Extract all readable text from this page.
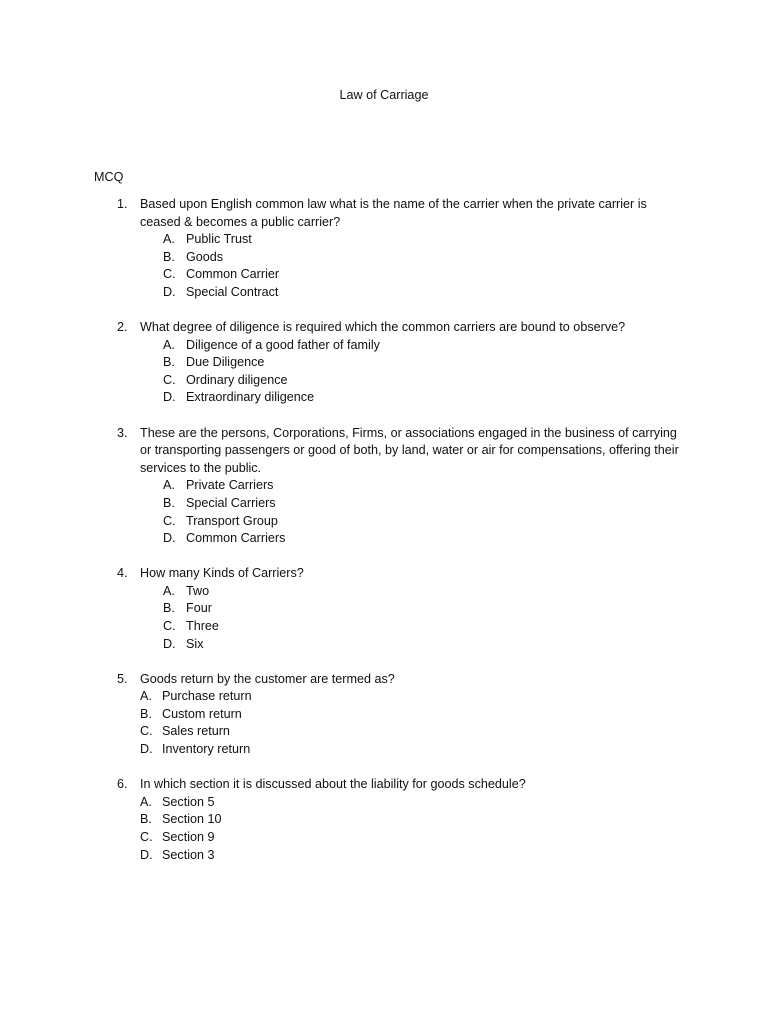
Law of Carriage

MCQ

1. Based upon English common law what is the name of the carrier when the private carrier is ceased & becomes a public carrier?
A. Public Trust
B. Goods
C. Common Carrier
D. Special Contract
2. What degree of diligence is required which the common carriers are bound to observe?
A. Diligence of a good father of family
B. Due Diligence
C. Ordinary diligence
D. Extraordinary diligence
3. These are the persons, Corporations, Firms, or associations engaged in the business of carrying or transporting passengers or good of both, by land, water or air for compensations, offering their services to the public.
A. Private Carriers
B. Special Carriers
C. Transport Group
D. Common Carriers
4. How many Kinds of Carriers?
A. Two
B. Four
C. Three
D. Six
5. Goods return by the customer are termed as?
A. Purchase return
B. Custom return
C. Sales return
D. Inventory return
6. In which section it is discussed about the liability for goods schedule?
A. Section 5
B. Section 10
C. Section 9
D. Section 3
